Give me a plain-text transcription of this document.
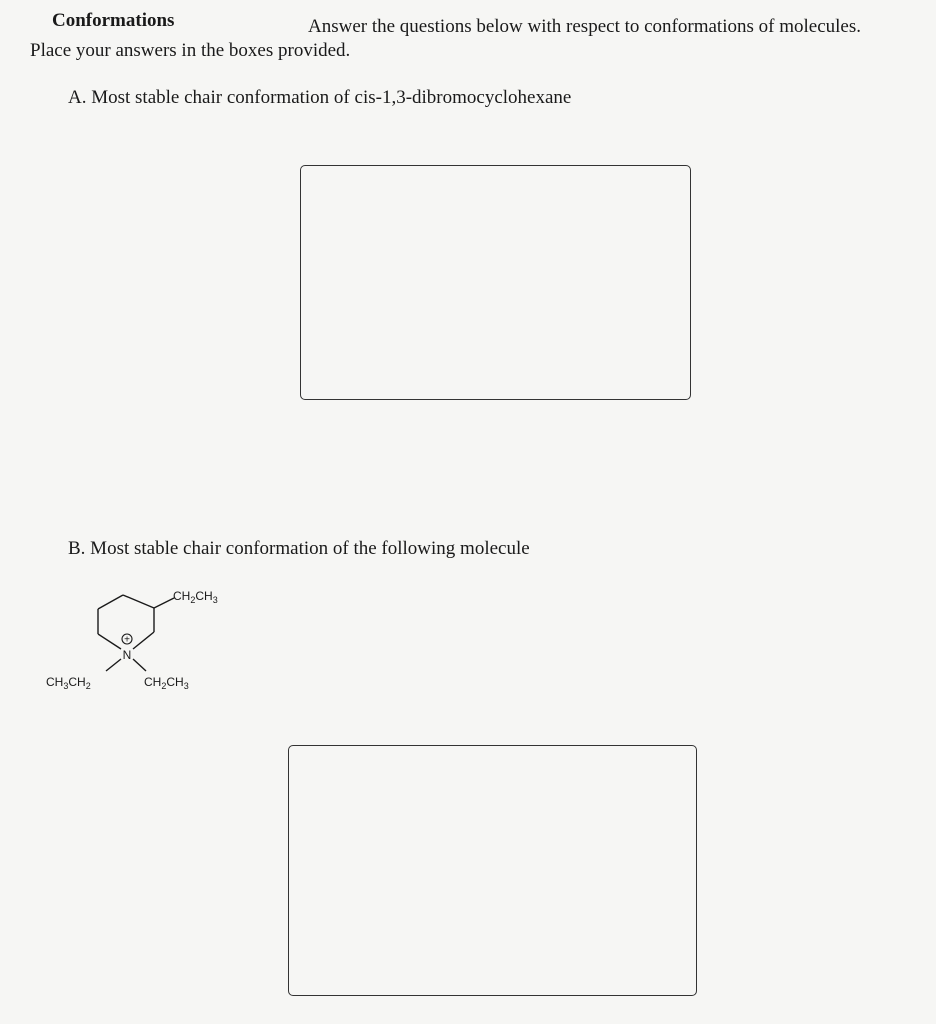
Conformations	Answer the questions below with respect to conformations of molecules.
Place your answers in the boxes provided.
A. Most stable chair conformation of cis-1,3-dibromocyclohexane
B. Most stable chair conformation of the following molecule
+
N
$CH_2CH_3$
$CH_3CH_2$	$CH_2CH_3$
